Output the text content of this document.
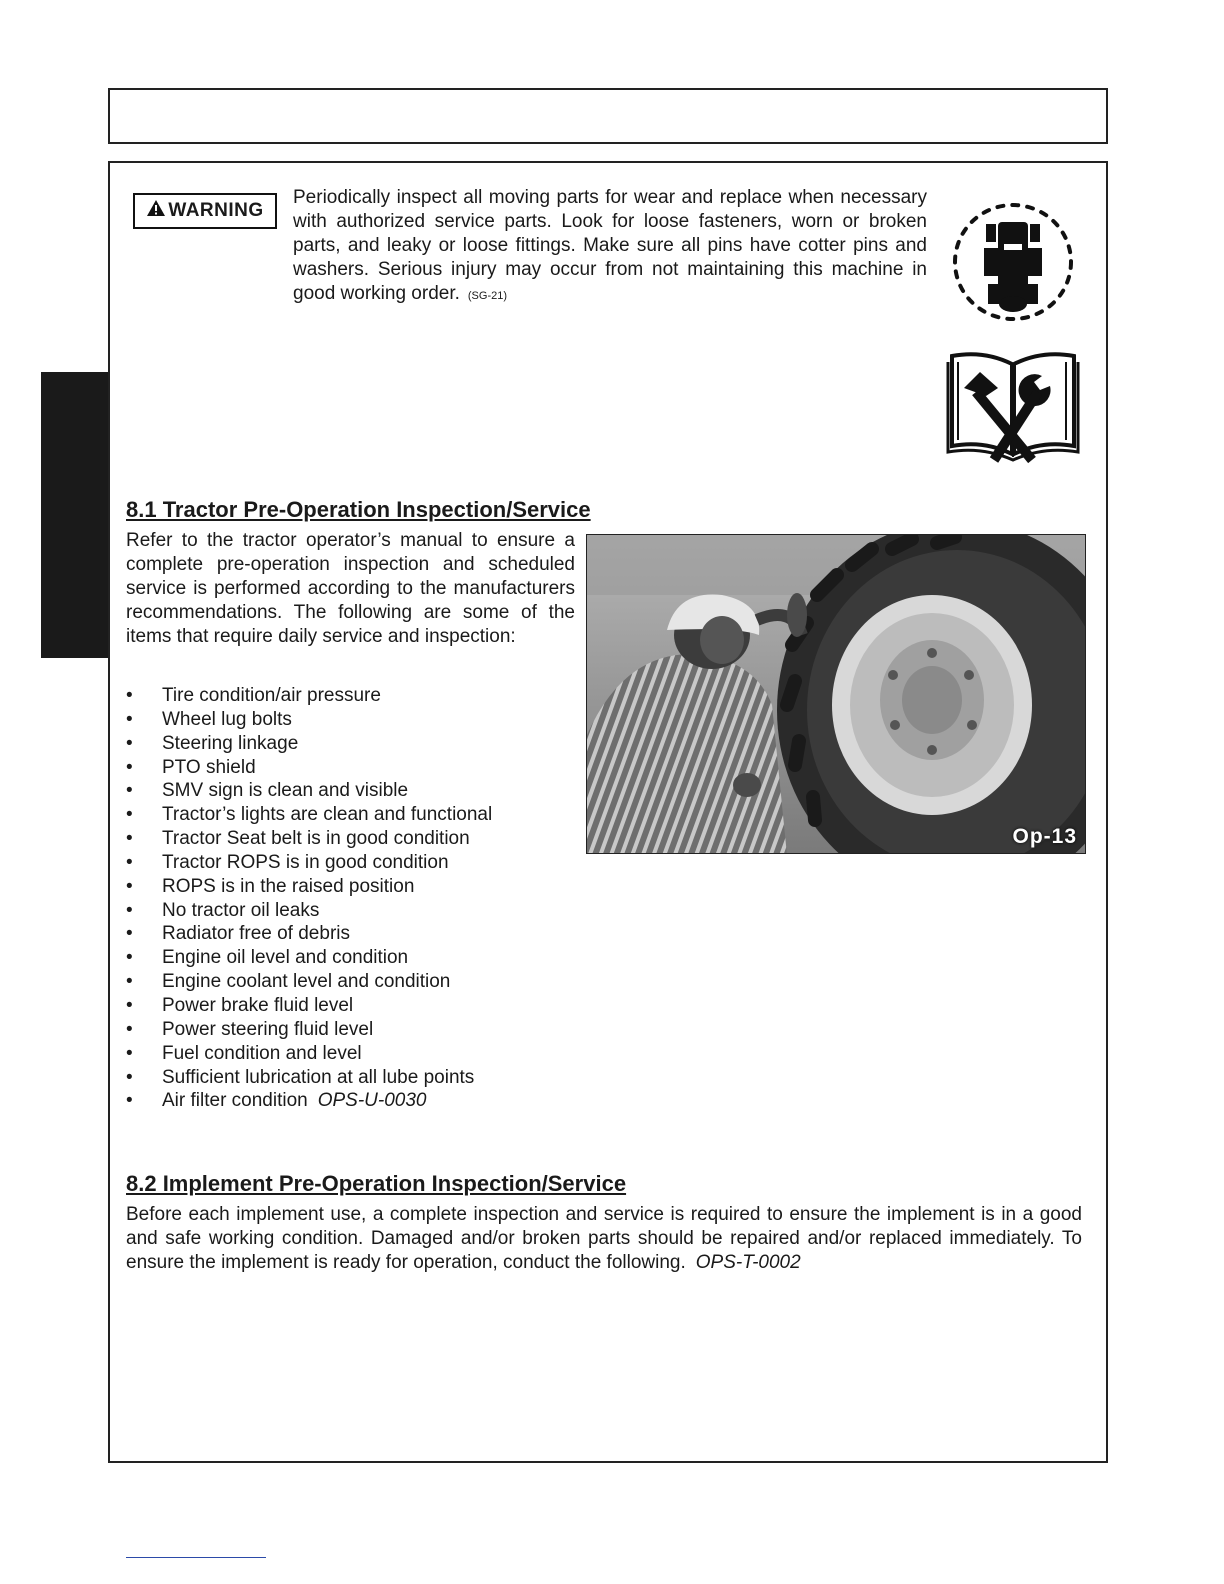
WARNING
Periodically inspect all moving parts for wear and replace when necessary with authorized service parts. Look for loose fasteners, worn or broken parts, and leaky or loose fittings. Make sure all pins have cotter pins and washers. Serious injury may occur from not maintaining this machine in good working order. (SG-21)
8.1 Tractor Pre-Operation Inspection/Service
Refer to the tractor operator’s manual to ensure a complete pre-operation inspection and scheduled service is performed according to the manufacturers recommendations. The following are some of the items that require daily service and inspection:
• Tire condition/air pressure
• Wheel lug bolts
• Steering linkage
• PTO shield
• SMV sign is clean and visible
• Tractor’s lights are clean and functional
• Tractor Seat belt is in good condition
• Tractor ROPS is in good condition
• ROPS is in the raised position
• No tractor oil leaks
• Radiator free of debris
• Engine oil level and condition
• Engine coolant level and condition
• Power brake fluid level
• Power steering fluid level
• Fuel condition and level
• Sufficient lubrication at all lube points
• Air filter condition OPS-U-0030
Op-13
8.2 Implement Pre-Operation Inspection/Service
Before each implement use, a complete inspection and service is required to ensure the implement is in a good and safe working condition. Damaged and/or broken parts should be repaired and/or replaced immediately. To ensure the implement is ready for operation, conduct the following. OPS-T-0002
